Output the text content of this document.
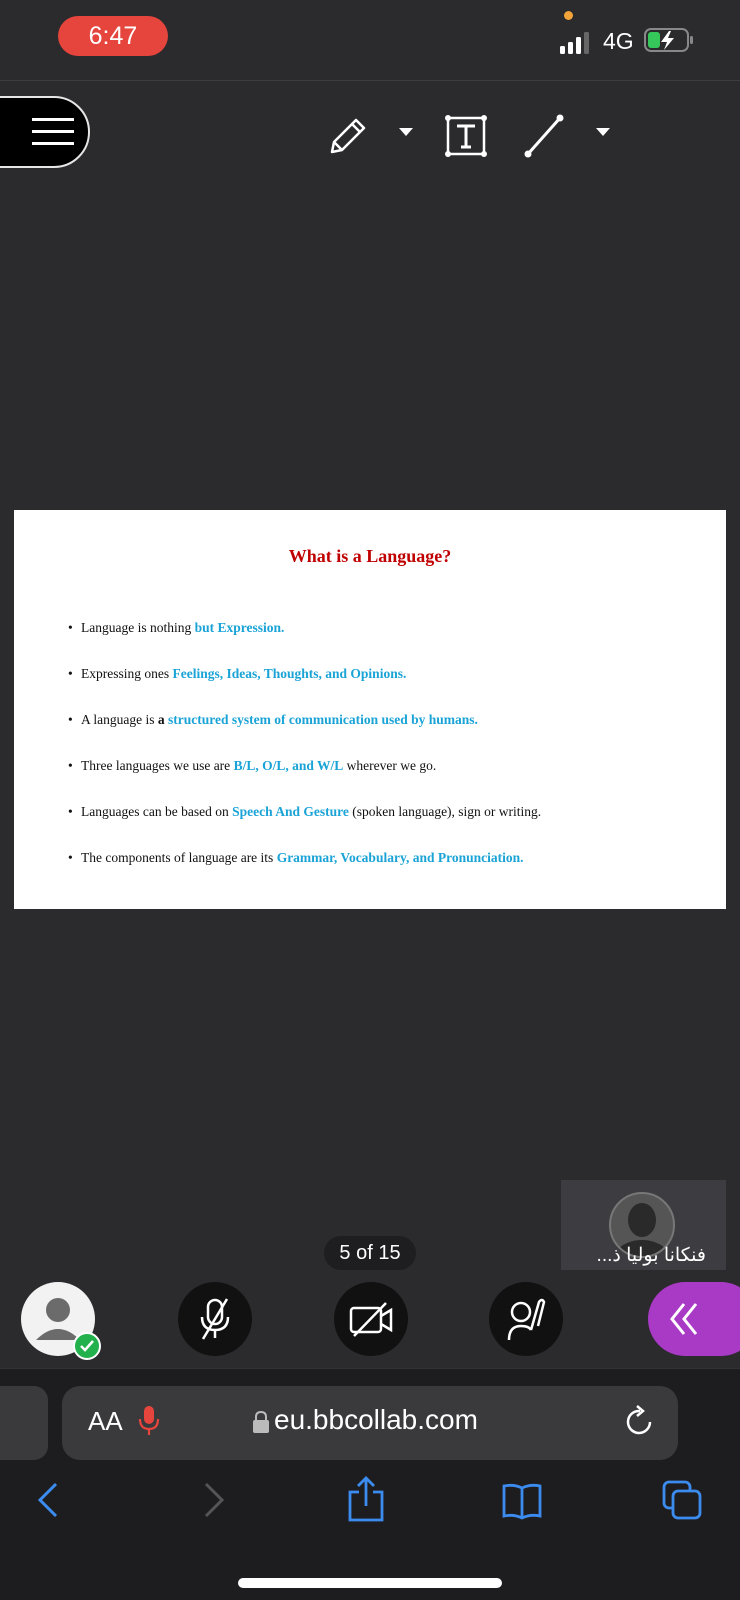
6:47	4G
What is a Language?
• Language is nothing but Expression.
• Expressing ones Feelings, Ideas, Thoughts, and Opinions.
• A language is a structured system of communication used by humans.
• Three languages we use are B/L, O/L, and W/L wherever we go.
• Languages can be based on Speech And Gesture (spoken language), sign or writing.
• The components of language are its Grammar, Vocabulary, and Pronunciation.
فنكانا بوليا ذ...
5 of 15
AA	eu.bbcollab.com
